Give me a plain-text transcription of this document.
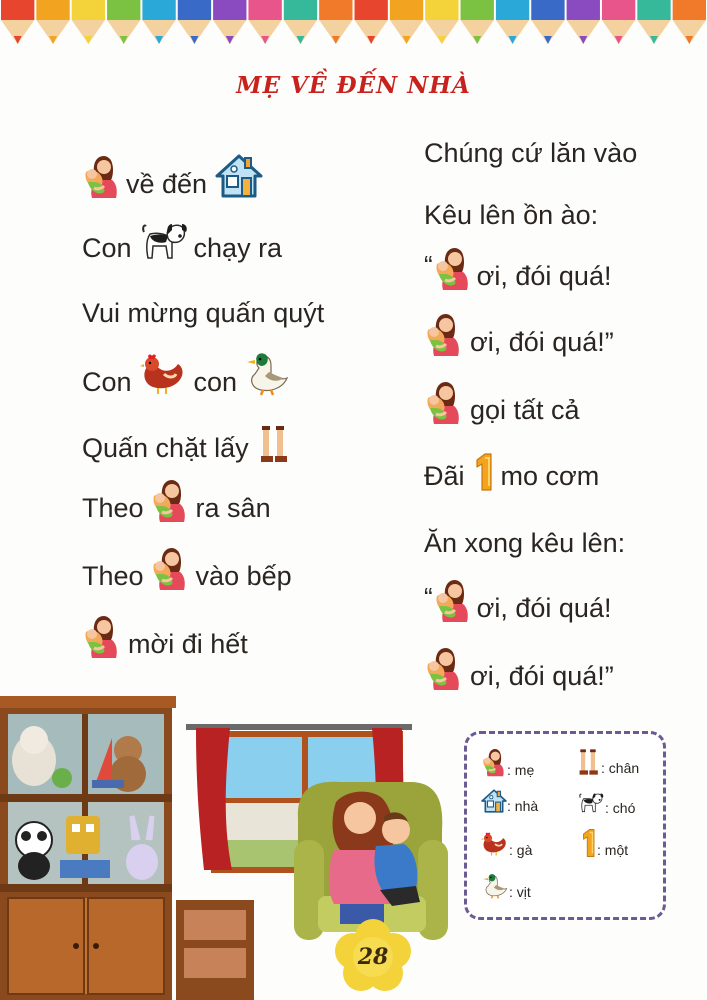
MẸ VỀ ĐẾN NHÀ
về đến
Con chạy ra
Vui mừng quấn quýt
Con con
Quấn chặt lấy
Theo ra sân
Theo vào bếp
mời đi hết
Chúng cứ lăn vào
Kêu lên ồn ào:
“ ơi, đói quá!
ơi, đói quá!”
gọi tất cả
Đãi mo cơm
Ăn xong kêu lên:
“ ơi, đói quá!
ơi, đói quá!”
28
: mẹ	: chân
: nhà	: chó
: gà	: một
: vịt
